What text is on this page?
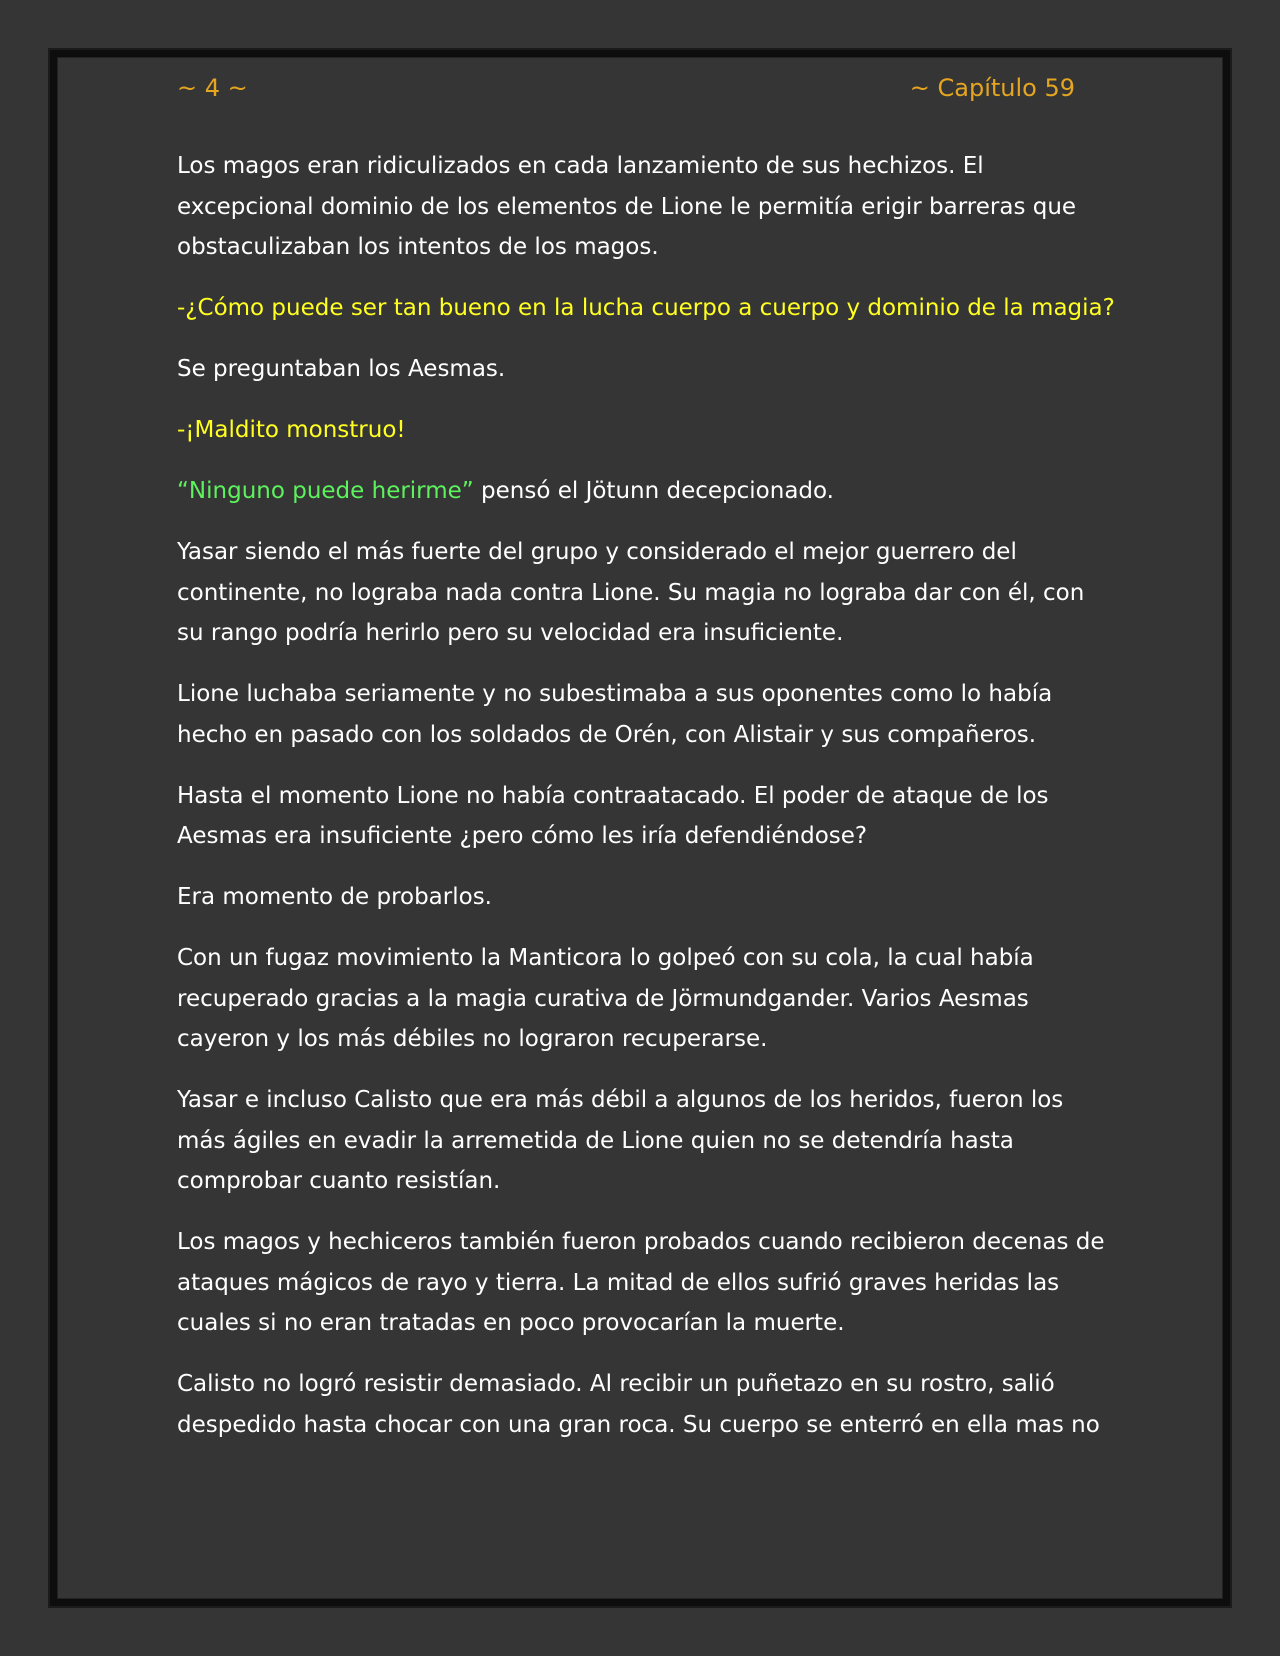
~ 4 ~	~ Capítulo 59

Los magos eran ridiculizados en cada lanzamiento de sus hechizos. El excepcional dominio de los elementos de Lione le permitía erigir barreras que obstaculizaban los intentos de los magos.

-¿Cómo puede ser tan bueno en la lucha cuerpo a cuerpo y dominio de la magia?

Se preguntaban los Aesmas.

-¡Maldito monstruo!

“Ninguno puede herirme” pensó el Jötunn decepcionado.

Yasar siendo el más fuerte del grupo y considerado el mejor guerrero del continente, no lograba nada contra Lione. Su magia no lograba dar con él, con su rango podría herirlo pero su velocidad era insuficiente.

Lione luchaba seriamente y no subestimaba a sus oponentes como lo había hecho en pasado con los soldados de Orén, con Alistair y sus compañeros.

Hasta el momento Lione no había contraatacado. El poder de ataque de los Aesmas era insuficiente ¿pero cómo les iría defendiéndose?

Era momento de probarlos.

Con un fugaz movimiento la Manticora lo golpeó con su cola, la cual había recuperado gracias a la magia curativa de Jörmundgander. Varios Aesmas cayeron y los más débiles no lograron recuperarse.

Yasar e incluso Calisto que era más débil a algunos de los heridos, fueron los más ágiles en evadir la arremetida de Lione quien no se detendría hasta comprobar cuanto resistían.

Los magos y hechiceros también fueron probados cuando recibieron decenas de ataques mágicos de rayo y tierra. La mitad de ellos sufrió graves heridas las cuales si no eran tratadas en poco provocarían la muerte.

Calisto no logró resistir demasiado. Al recibir un puñetazo en su rostro, salió despedido hasta chocar con una gran roca. Su cuerpo se enterró en ella mas no
